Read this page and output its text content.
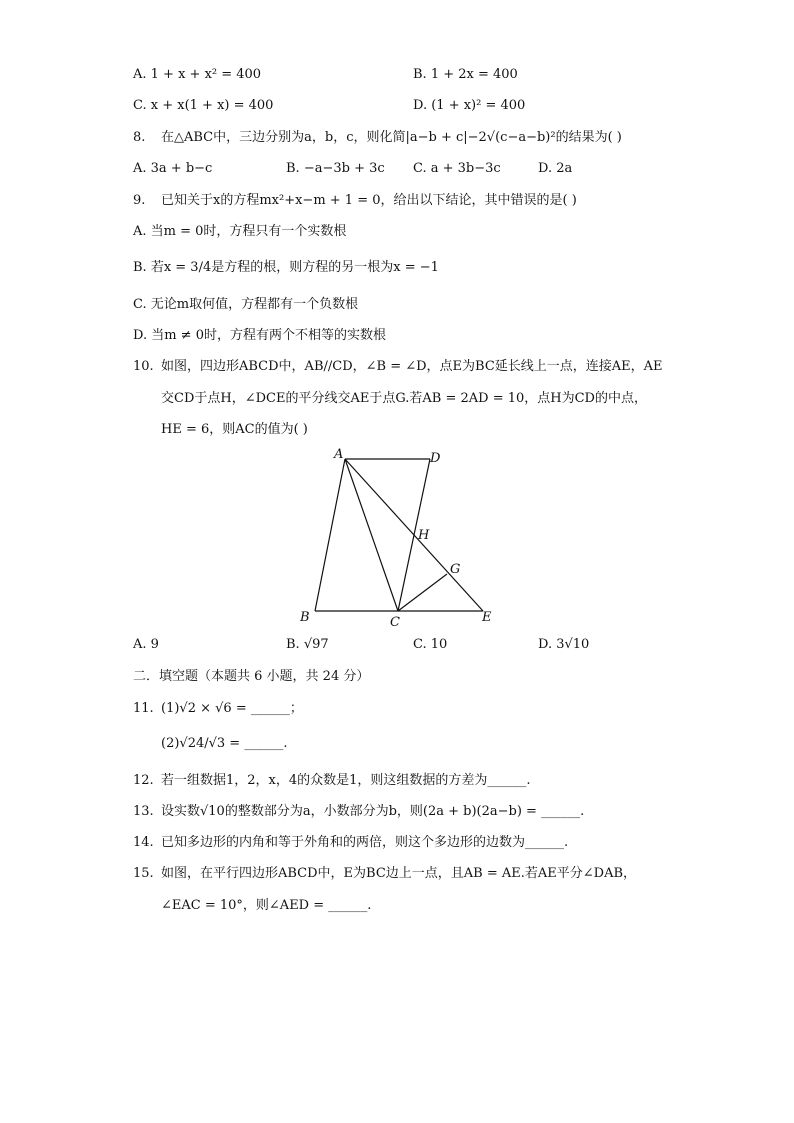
A. 1 + x + x² = 400	B. 1 + 2x = 400
C. x + x(1 + x) = 400	D. (1 + x)² = 400
8. 在△ABC中，三边分别为a，b，c，则化简|a−b + c|−2√(c−a−b)²的结果为( )
A. 3a + b−c	B. −a−3b + 3c C. a + 3b−3c	D. 2a
9. 已知关于x的方程mx²+x−m + 1 = 0，给出以下结论，其中错误的是( )
A. 当m = 0时，方程只有一个实数根
B. 若x = 3/4是方程的根，则方程的另一根为x = −1
C. 无论m取何值，方程都有一个负数根
D. 当m ≠ 0时，方程有两个不相等的实数根
10. 如图，四边形ABCD中，AB//CD，∠B = ∠D，点E为BC延长线上一点，连接AE，AE
交CD于点H，∠DCE的平分线交AE于点G.若AB = 2AD = 10，点H为CD的中点，
HE = 6，则AC的值为( )
A	D
H
G
B	C	E
A. 9	B. √97	C. 10	D. 3√10
二．填空题（本题共 6 小题，共 24 分）
11. (1)√2 × √6 = ______；
(2)√24/√3 = ______.
12. 若一组数据1，2，x，4的众数是1，则这组数据的方差为______.
13. 设实数√10的整数部分为a，小数部分为b，则(2a + b)(2a−b) = ______.
14. 已知多边形的内角和等于外角和的两倍，则这个多边形的边数为______.
15. 如图，在平行四边形ABCD中，E为BC边上一点，且AB = AE.若AE平分∠DAB，
∠EAC = 10°，则∠AED = ______.
